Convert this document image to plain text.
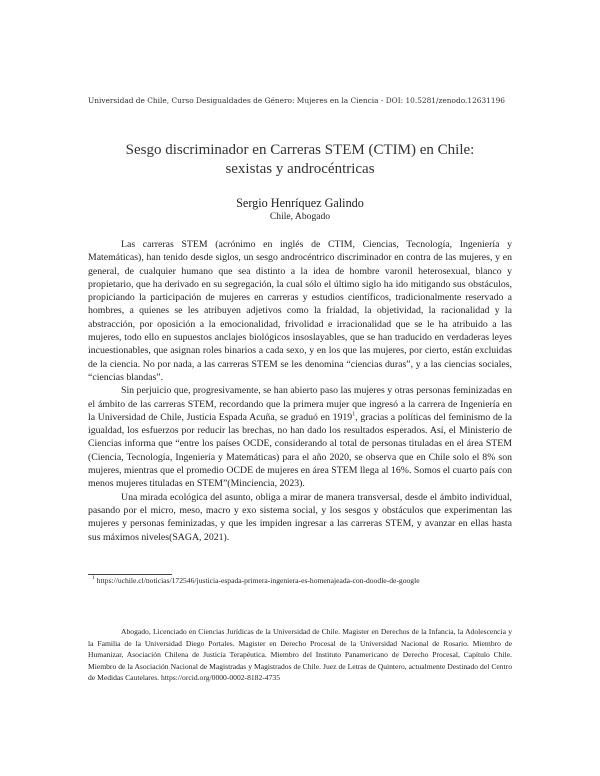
Universidad de Chile, Curso Desigualdades de Género: Mujeres en la Ciencia - DOI: 10.5281/zenodo.12631196
Sesgo discriminador en Carreras STEM (CTIM) en Chile:
sexistas y androcéntricas
Sergio Henríquez Galindo
Chile, Abogado

Las carreras STEM (acrónimo en inglés de CTIM, Ciencias, Tecnología, Ingeniería y Matemáticas), han tenido desde siglos, un sesgo androcéntrico discriminador en contra de las mujeres, y en general, de cualquier humano que sea distinto a la idea de hombre varonil heterosexual, blanco y propietario, que ha derivado en su segregación, la cual sólo el último siglo ha ido mitigando sus obstáculos, propiciando la participación de mujeres en carreras y estudios científicos, tradicionalmente reservado a hombres, a quienes se les atribuyen adjetivos como la frialdad, la objetividad, la racionalidad y la abstracción, por oposición a la emocionalidad, frivolidad e irracionalidad que se le ha atribuido a las mujeres, todo ello en supuestos anclajes biológicos insoslayables, que se han traducido en verdaderas leyes incuestionables, que asignan roles binarios a cada sexo, y en los que las mujeres, por cierto, están excluidas de la ciencia. No por nada, a las carreras STEM se les denomina “ciencias duras”, y a las ciencias sociales, “ciencias blandas”.

Sin perjuicio que, progresivamente, se han abierto paso las mujeres y otras personas feminizadas en el ámbito de las carreras STEM, recordando que la primera mujer que ingresó a la carrera de Ingeniería en la Universidad de Chile, Justicia Espada Acuña, se graduó en 1919$^1$, gracias a políticas del feminismo de la igualdad, los esfuerzos por reducir las brechas, no han dado los resultados esperados. Así, el Ministerio de Ciencias informa que “entre los países OCDE, considerando al total de personas tituladas en el área STEM (Ciencia, Tecnología, Ingeniería y Matemáticas) para el año 2020, se observa que en Chile solo el 8% son mujeres, mientras que el promedio OCDE de mujeres en área STEM llega al 16%. Somos el cuarto país con menos mujeres tituladas en STEM”(Minciencia, 2023).

Una mirada ecológica del asunto, obliga a mirar de manera transversal, desde el ámbito individual, pasando por el micro, meso, macro y exo sistema social, y los sesgos y obstáculos que experimentan las mujeres y personas feminizadas, y que les impiden ingresar a las carreras STEM, y avanzar en ellas hasta sus máximos niveles(SAGA, 2021).

$^1$ https://uchile.cl/noticias/172546/justicia-espada-primera-ingeniera-es-homenajeada-con-doodle-de-google

Abogado, Licenciado en Ciencias Jurídicas de la Universidad de Chile. Magister en Derechos de la Infancia, la Adolescencia y la Familia de la Universidad Diego Portales. Magister en Derecho Procesal de la Universidad Nacional de Rosario. Miembro de Humanizar, Asociación Chilena de Justicia Terapéutica. Miembro del Instituto Panamericano de Derecho Procesal, Capítulo Chile. Miembro de la Asociación Nacional de Magistradas y Magistrados de Chile. Juez de Letras de Quintero, actualmente Destinado del Centro de Medidas Cautelares. https://orcid.org/0000-0002-8182-4735
